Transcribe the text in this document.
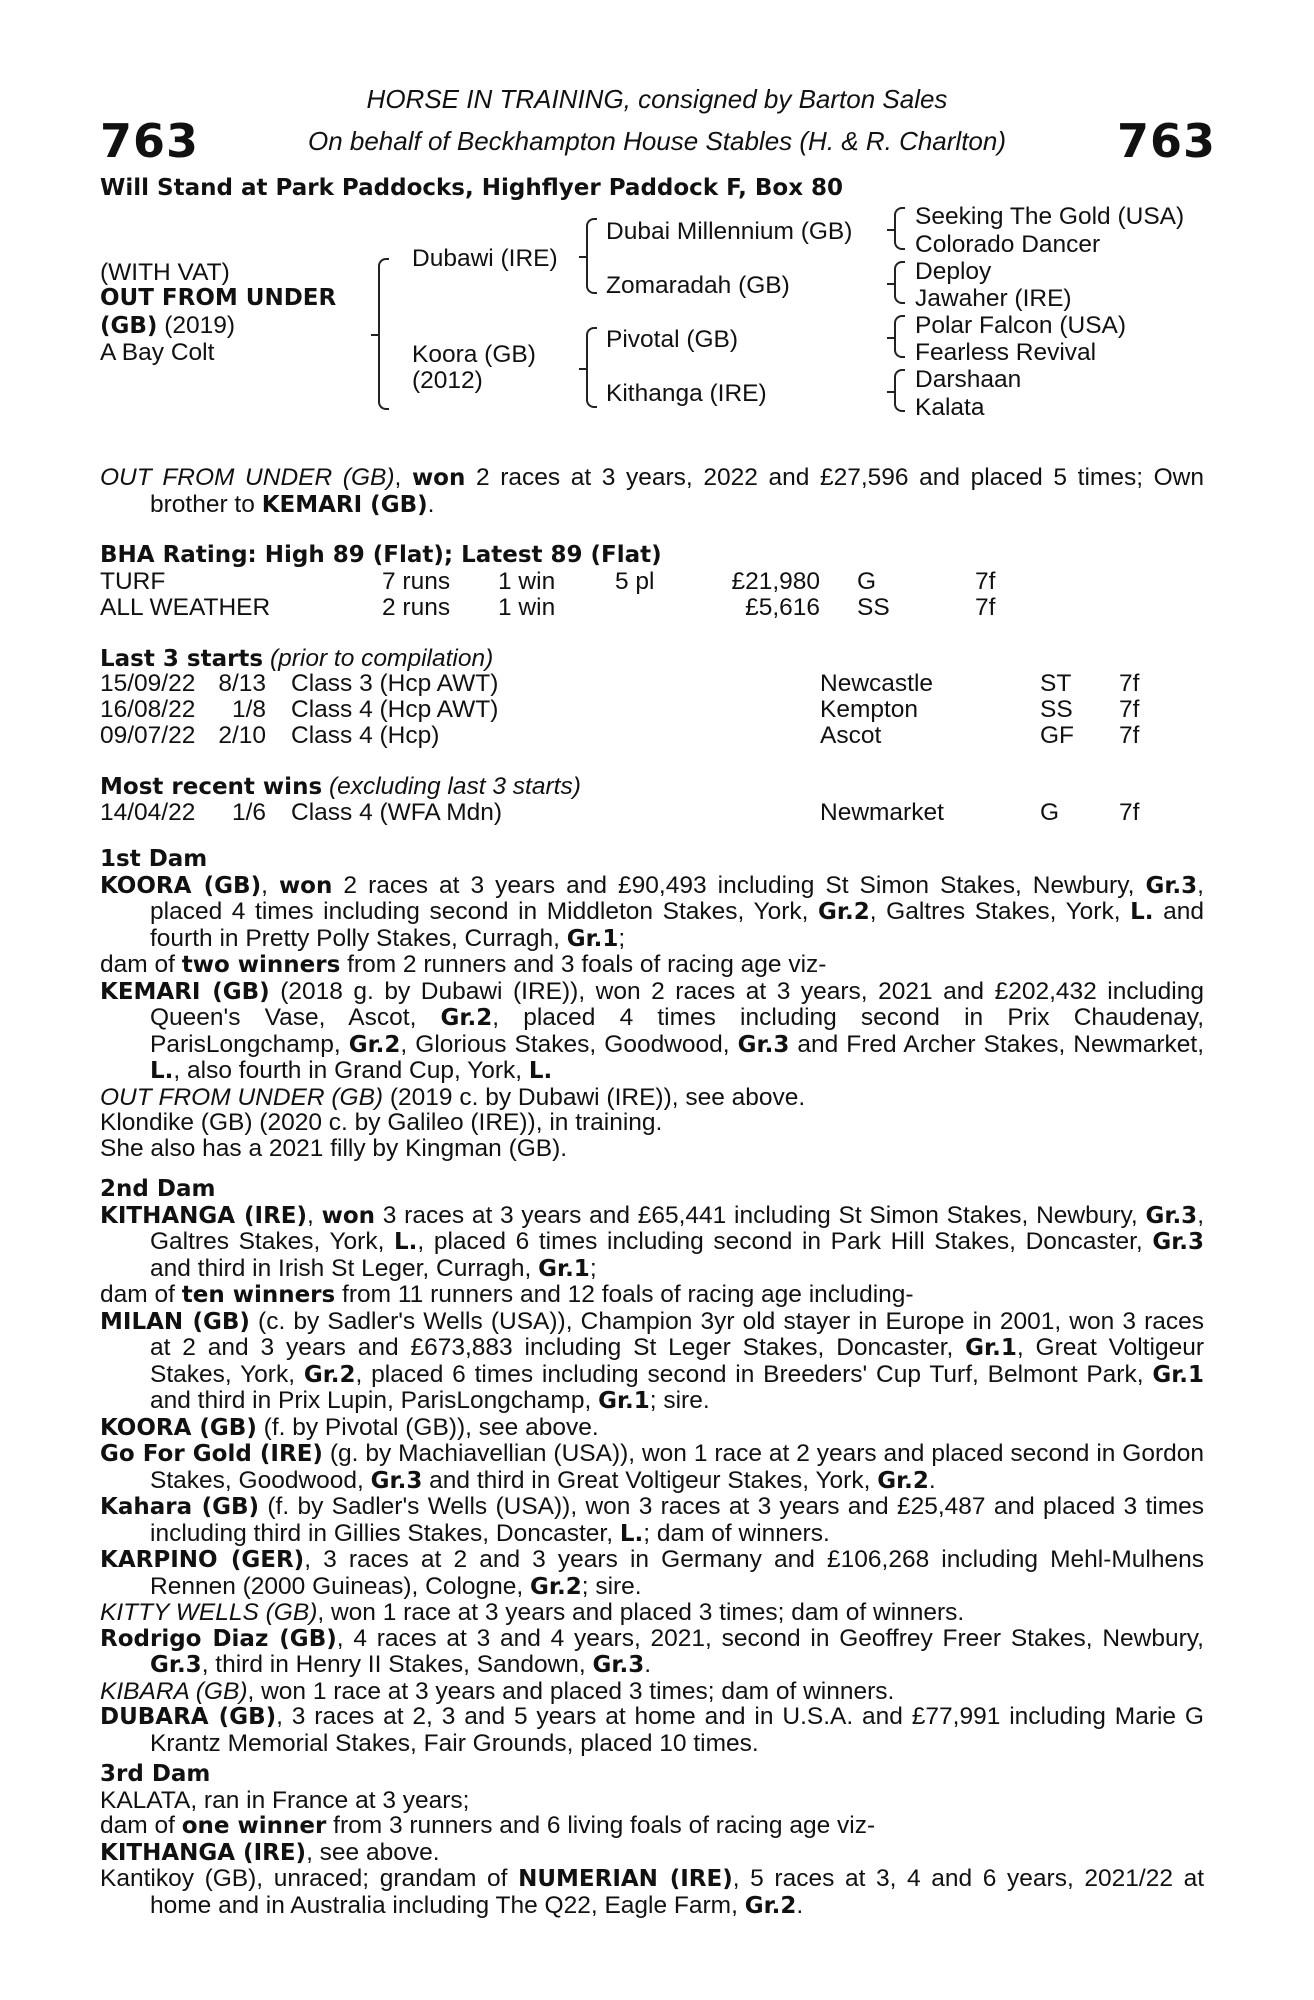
763	763
HORSE IN TRAINING, consigned by Barton Sales
On behalf of Beckhampton House Stables (H. & R. Charlton)
Will Stand at Park Paddocks, Highflyer Paddock F, Box 80
(WITH VAT)
OUT FROM UNDER
(GB) (2019)
A Bay Colt
Dubawi (IRE)
Koora (GB)
(2012)
Dubai Millennium (GB)
Zomaradah (GB)
Pivotal (GB)
Kithanga (IRE)
Seeking The Gold (USA)
Colorado Dancer
Deploy
Jawaher (IRE)
Polar Falcon (USA)
Fearless Revival
Darshaan
Kalata

OUT FROM UNDER (GB), won 2 races at 3 years, 2022 and £27,596 and placed 5 times; Own brother to KEMARI (GB).

BHA Rating: High 89 (Flat); Latest 89 (Flat)
TURF	7 runs 1 win 5 pl	£21,980 G	7f
ALL WEATHER	2 runs 1 win	£5,616 SS	7f
Last 3 starts (prior to compilation)
15/09/22 8/13 Class 3 (Hcp AWT)	Newcastle	ST 7f
16/08/22	1/8 Class 4 (Hcp AWT)	Kempton	SS 7f
09/07/22 2/10 Class 4 (Hcp)	Ascot	GF 7f
Most recent wins (excluding last 3 starts)
14/04/22	1/6 Class 4 (WFA Mdn)	Newmarket	G 7f
1st Dam

KOORA (GB), won 2 races at 3 years and £90,493 including St Simon Stakes, Newbury, Gr.3, placed 4 times including second in Middleton Stakes, York, Gr.2, Galtres Stakes, York, L. and fourth in Pretty Polly Stakes, Curragh, Gr.1;

dam of two winners from 2 runners and 3 foals of racing age viz-

KEMARI (GB) (2018 g. by Dubawi (IRE)), won 2 races at 3 years, 2021 and £202,432 including Queen's Vase, Ascot, Gr.2, placed 4 times including second in Prix Chaudenay, ParisLongchamp, Gr.2, Glorious Stakes, Goodwood, Gr.3 and Fred Archer Stakes, Newmarket, L., also fourth in Grand Cup, York, L.

OUT FROM UNDER (GB) (2019 c. by Dubawi (IRE)), see above.

Klondike (GB) (2020 c. by Galileo (IRE)), in training.

She also has a 2021 filly by Kingman (GB).

2nd Dam

KITHANGA (IRE), won 3 races at 3 years and £65,441 including St Simon Stakes, Newbury, Gr.3, Galtres Stakes, York, L., placed 6 times including second in Park Hill Stakes, Doncaster, Gr.3 and third in Irish St Leger, Curragh, Gr.1;

dam of ten winners from 11 runners and 12 foals of racing age including-

MILAN (GB) (c. by Sadler's Wells (USA)), Champion 3yr old stayer in Europe in 2001, won 3 races at 2 and 3 years and £673,883 including St Leger Stakes, Doncaster, Gr.1, Great Voltigeur Stakes, York, Gr.2, placed 6 times including second in Breeders' Cup Turf, Belmont Park, Gr.1 and third in Prix Lupin, ParisLongchamp, Gr.1; sire.

KOORA (GB) (f. by Pivotal (GB)), see above.

Go For Gold (IRE) (g. by Machiavellian (USA)), won 1 race at 2 years and placed second in Gordon Stakes, Goodwood, Gr.3 and third in Great Voltigeur Stakes, York, Gr.2.

Kahara (GB) (f. by Sadler's Wells (USA)), won 3 races at 3 years and £25,487 and placed 3 times including third in Gillies Stakes, Doncaster, L.; dam of winners.

KARPINO (GER), 3 races at 2 and 3 years in Germany and £106,268 including Mehl-Mulhens Rennen (2000 Guineas), Cologne, Gr.2; sire.

KITTY WELLS (GB), won 1 race at 3 years and placed 3 times; dam of winners.

Rodrigo Diaz (GB), 4 races at 3 and 4 years, 2021, second in Geoffrey Freer Stakes, Newbury, Gr.3, third in Henry II Stakes, Sandown, Gr.3.

KIBARA (GB), won 1 race at 3 years and placed 3 times; dam of winners.

DUBARA (GB), 3 races at 2, 3 and 5 years at home and in U.S.A. and £77,991 including Marie G Krantz Memorial Stakes, Fair Grounds, placed 10 times.

3rd Dam

KALATA, ran in France at 3 years;

dam of one winner from 3 runners and 6 living foals of racing age viz-

KITHANGA (IRE), see above.

Kantikoy (GB), unraced; grandam of NUMERIAN (IRE), 5 races at 3, 4 and 6 years, 2021/22 at home and in Australia including The Q22, Eagle Farm, Gr.2.
